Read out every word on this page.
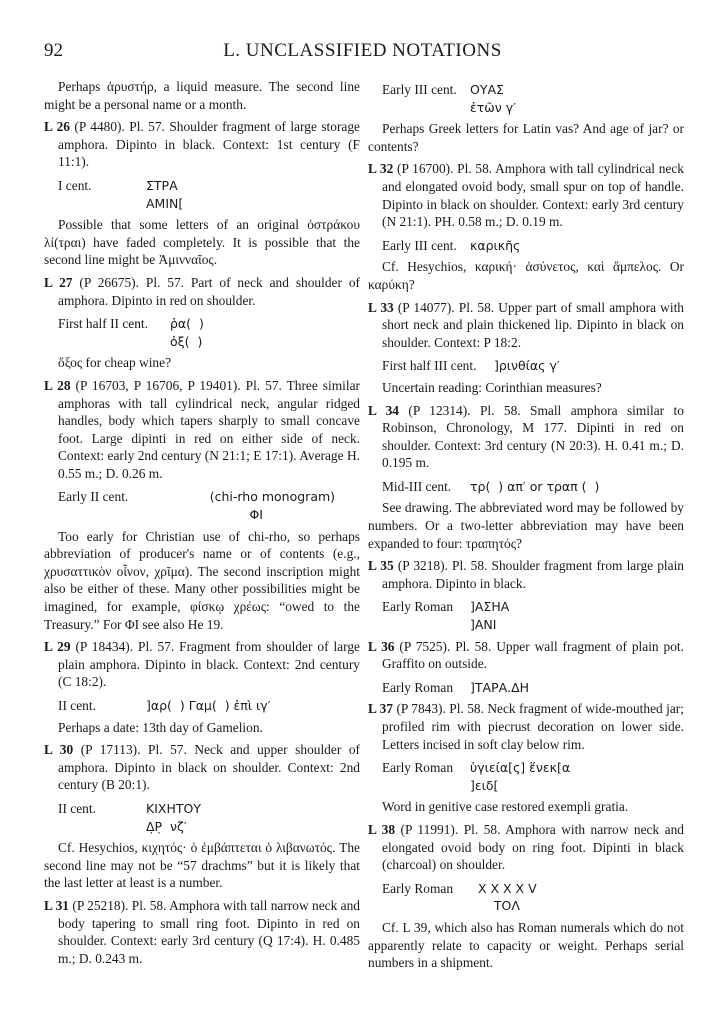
92	L. UNCLASSIFIED NOTATIONS

Perhaps ἀρυστήρ, a liquid measure. The second line might be a personal name or a month.

L 26 (P 4480). Pl. 57. Shoulder fragment of large storage amphora. Dipinto in black. Context: 1st century (F 11:1).

I cent.	ΣΤΡΑ
ΑΜΙΝ[

Possible that some letters of an original ὀστράκου λί(τραι) have faded completely. It is possible that the second line might be Ἀμινναῖος.

L 27 (P 26675). Pl. 57. Part of neck and shoulder of amphora. Dipinto in red on shoulder.

First half II cent.	ῥα(  )
ὀξ(  )

ὄξος for cheap wine?

L 28 (P 16703, P 16706, P 19401). Pl. 57. Three similar amphoras with tall cylindrical neck, angular ridged handles, body which tapers sharply to small concave foot. Large dipinti in red on either side of neck. Context: early 2nd century (N 21:1; E 17:1). Average H. 0.55 m.; D. 0.26 m.

Early II cent.	(chi-rho monogram)
ΦΙ

Too early for Christian use of chi-rho, so perhaps abbreviation of producer's name or of contents (e.g., χρυσαττικὸν οἶνον, χρῖμα). The second inscription might also be either of these. Many other possibilities might be imagined, for example, φίσκῳ χρέως: “owed to the Treasury.” For ΦΙ see also He 19.

L 29 (P 18434). Pl. 57. Fragment from shoulder of large plain amphora. Dipinto in black. Context: 2nd century (C 18:2).

II cent.	]αρ(  ) Γαμ(  ) ἐπὶ ιγ′

Perhaps a date: 13th day of Gamelion.

L 30 (P 17113). Pl. 57. Neck and upper shoulder of amphora. Dipinto in black on shoulder. Context: 2nd century (B 20:1).

II cent.	ΚΙΧΗΤΟΥ
Δ̣Ρ̣  νζ′

Cf. Hesychios, κιχητός· ὁ ἐμβάπτεται ὁ λιβανωτός. The second line may not be “57 drachms” but it is likely that the last letter at least is a number.

L 31 (P 25218). Pl. 58. Amphora with tall narrow neck and body tapering to small ring foot. Dipinto in red on shoulder. Context: early 3rd century (Q 17:4). H. 0.485 m.; D. 0.243 m.

Early III cent.	ΟΥΑΣ
ἐτῶν γ′

Perhaps Greek letters for Latin vas? And age of jar? or contents?

L 32 (P 16700). Pl. 58. Amphora with tall cylindrical neck and elongated ovoid body, small spur on top of handle. Dipinto in black on shoulder. Context: early 3rd century (N 21:1). PH. 0.58 m.; D. 0.19 m.

Early III cent.	καρικῆς

Cf. Hesychios, καρική· ἀσύνετος, καὶ ἄμπελος. Or καρύκη?

L 33 (P 14077). Pl. 58. Upper part of small amphora with short neck and plain thickened lip. Dipinto in black on shoulder. Context: P 18:2.

First half III cent.	]ρινθίας γ′

Uncertain reading: Corinthian measures?

L 34 (P 12314). Pl. 58. Small amphora similar to Robinson, Chronology, M 177. Dipinti in red on shoulder. Context: 3rd century (N 20:3). H. 0.41 m.; D. 0.195 m.

Mid-III cent.	τρ(  ) απ′ or τραπ (  )

See drawing. The abbreviated word may be followed by numbers. Or a two-letter abbreviation may have been expanded to four: τραπητός?

L 35 (P 3218). Pl. 58. Shoulder fragment from large plain amphora. Dipinto in black.

Early Roman	]ΑΣΗΑ
]ΑΝΙ

L 36 (P 7525). Pl. 58. Upper wall fragment of plain pot. Graffito on outside.

Early Roman	]ΤΑΡΑ.ΔΗ

L 37 (P 7843). Pl. 58. Neck fragment of wide-mouthed jar; profiled rim with piecrust decoration on lower side. Letters incised in soft clay below rim.

Early Roman	ὑγιεία[ς] ἕνεκ[α
]ειδ[

Word in genitive case restored exempli gratia.

L 38 (P 11991). Pl. 58. Amphora with narrow neck and elongated ovoid body on ring foot. Dipinti in black (charcoal) on shoulder.

Early Roman	X X X X V
ΤΟΛ

Cf. L 39, which also has Roman numerals which do not apparently relate to capacity or weight. Perhaps serial numbers in a shipment.
